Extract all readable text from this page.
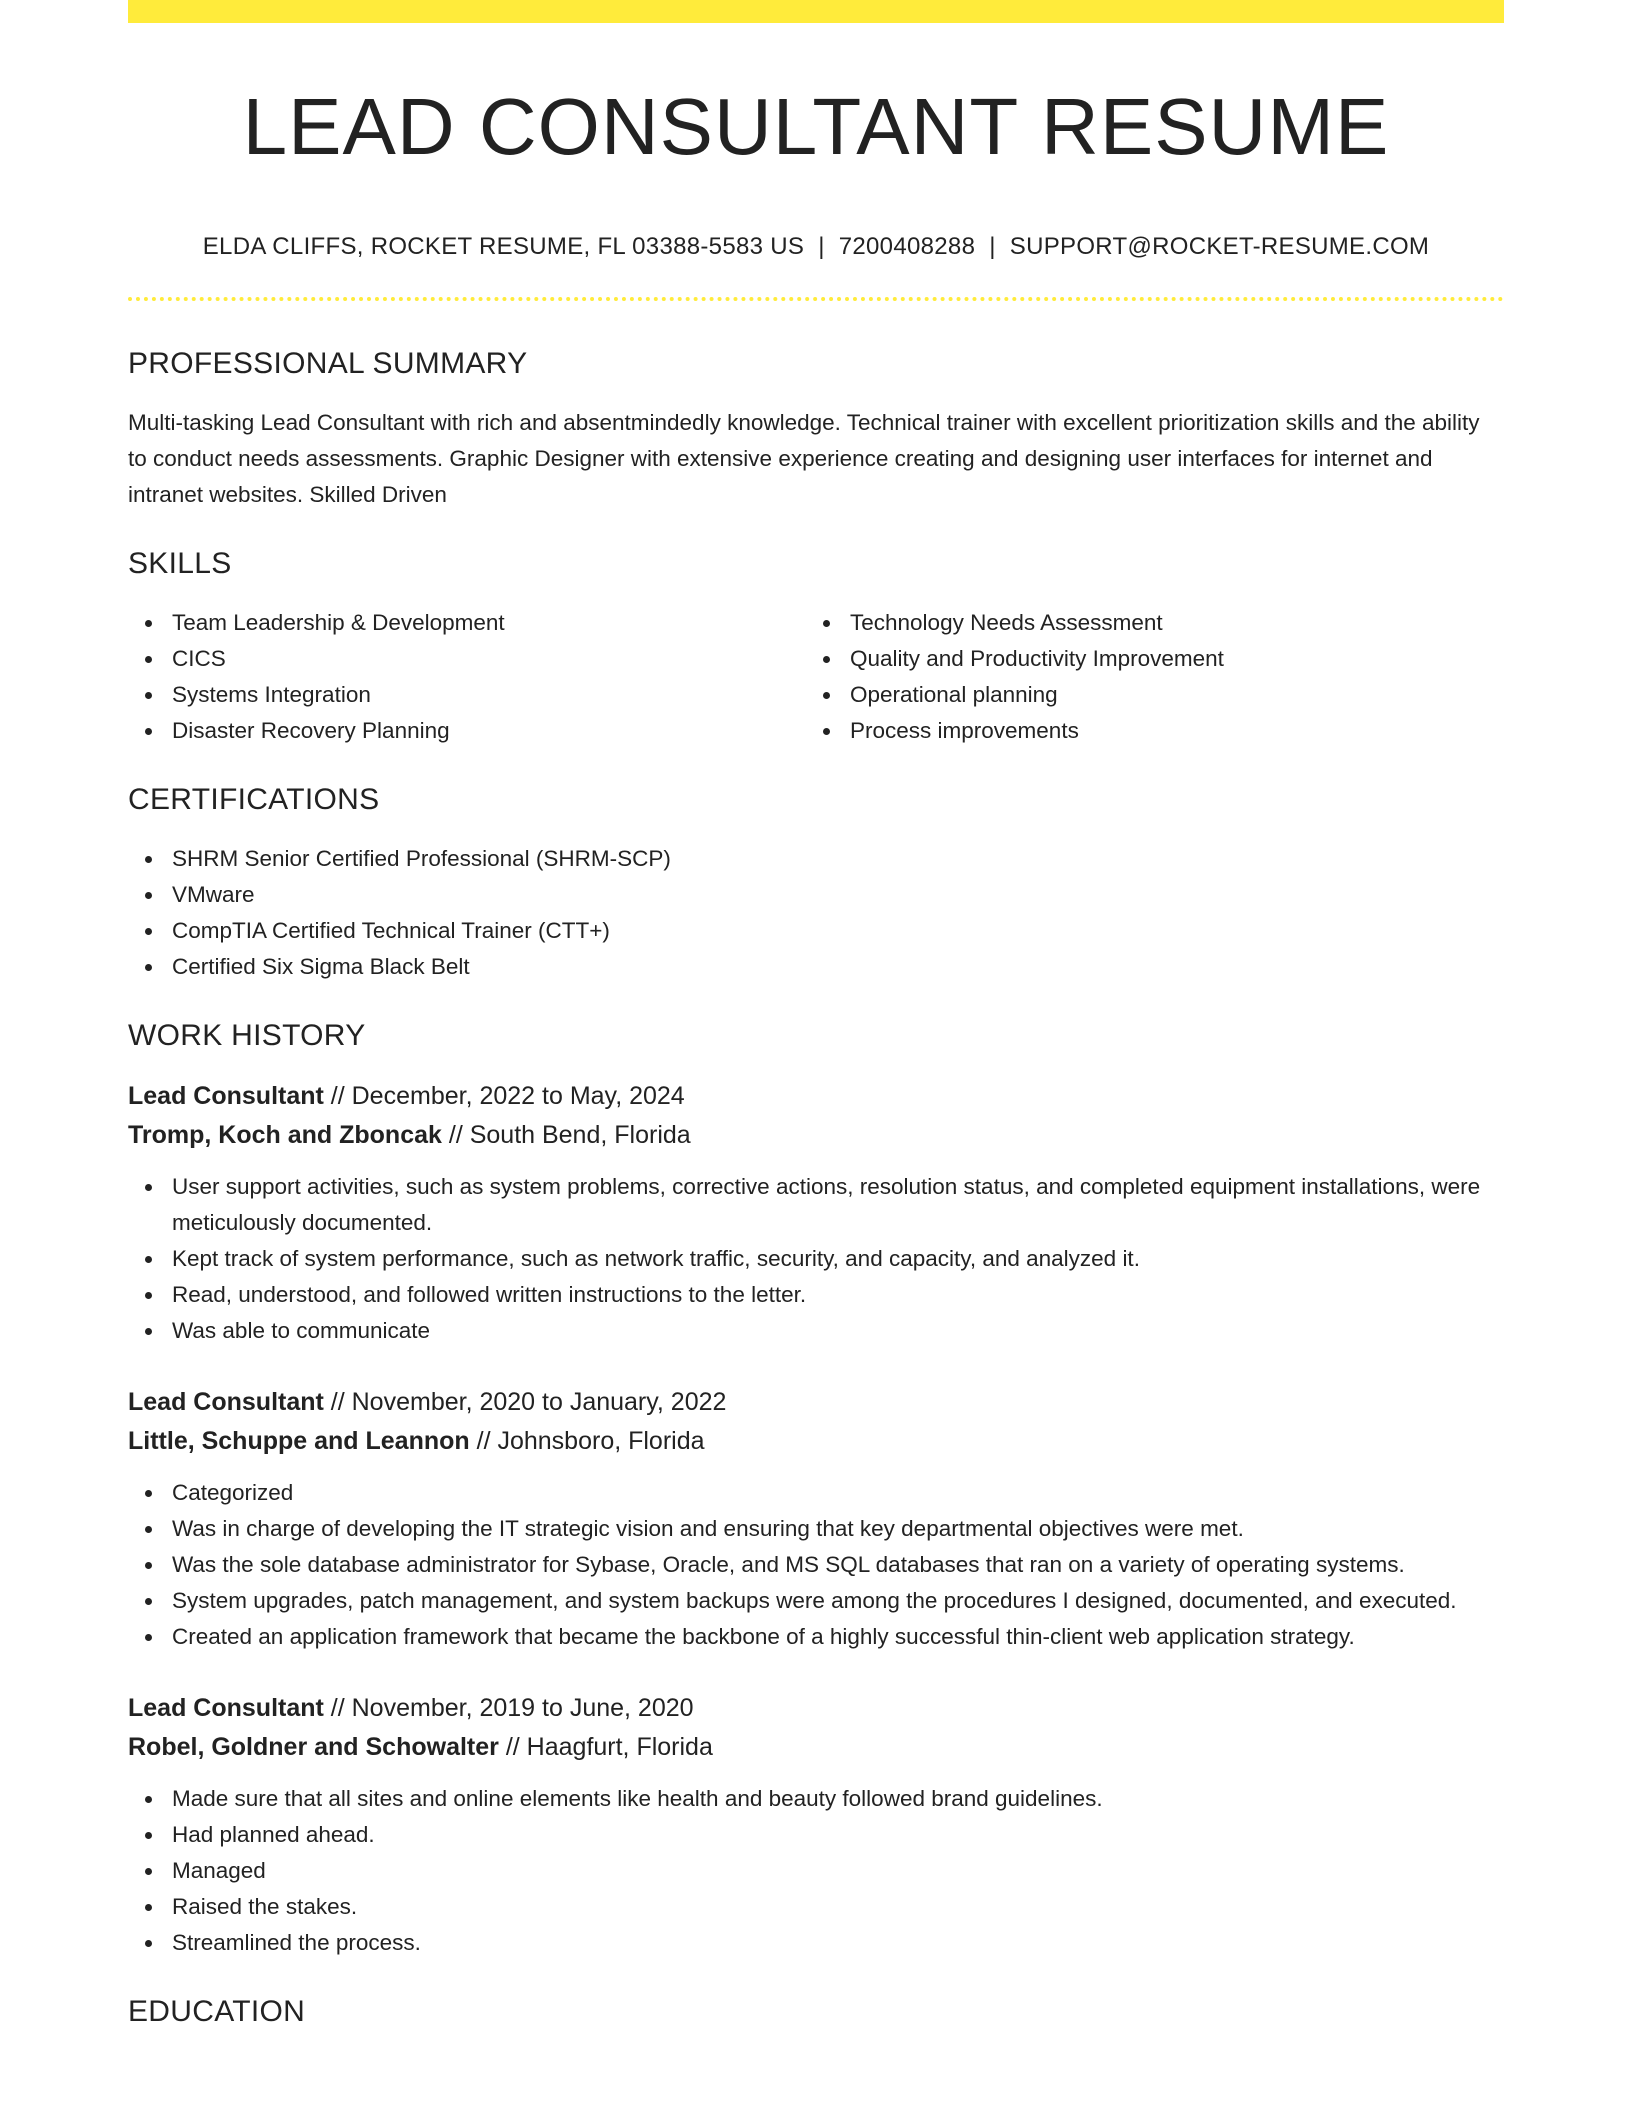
LEAD CONSULTANT RESUME
ELDA CLIFFS, ROCKET RESUME, FL 03388-5583 US | 7200408288 | SUPPORT@ROCKET-RESUME.COM
PROFESSIONAL SUMMARY
Multi-tasking Lead Consultant with rich and absentmindedly knowledge. Technical trainer with excellent prioritization skills and the ability to conduct needs assessments. Graphic Designer with extensive experience creating and designing user interfaces for internet and intranet websites. Skilled Driven
SKILLS
Team Leadership & Development
CICS
Systems Integration
Disaster Recovery Planning
Technology Needs Assessment
Quality and Productivity Improvement
Operational planning
Process improvements
CERTIFICATIONS
SHRM Senior Certified Professional (SHRM-SCP)
VMware
CompTIA Certified Technical Trainer (CTT+)
Certified Six Sigma Black Belt
WORK HISTORY
Lead Consultant // December, 2022 to May, 2024
Tromp, Koch and Zboncak // South Bend, Florida
User support activities, such as system problems, corrective actions, resolution status, and completed equipment installations, were meticulously documented.
Kept track of system performance, such as network traffic, security, and capacity, and analyzed it.
Read, understood, and followed written instructions to the letter.
Was able to communicate
Lead Consultant // November, 2020 to January, 2022
Little, Schuppe and Leannon // Johnsboro, Florida
Categorized
Was in charge of developing the IT strategic vision and ensuring that key departmental objectives were met.
Was the sole database administrator for Sybase, Oracle, and MS SQL databases that ran on a variety of operating systems.
System upgrades, patch management, and system backups were among the procedures I designed, documented, and executed.
Created an application framework that became the backbone of a highly successful thin-client web application strategy.
Lead Consultant // November, 2019 to June, 2020
Robel, Goldner and Schowalter // Haagfurt, Florida
Made sure that all sites and online elements like health and beauty followed brand guidelines.
Had planned ahead.
Managed
Raised the stakes.
Streamlined the process.
EDUCATION
